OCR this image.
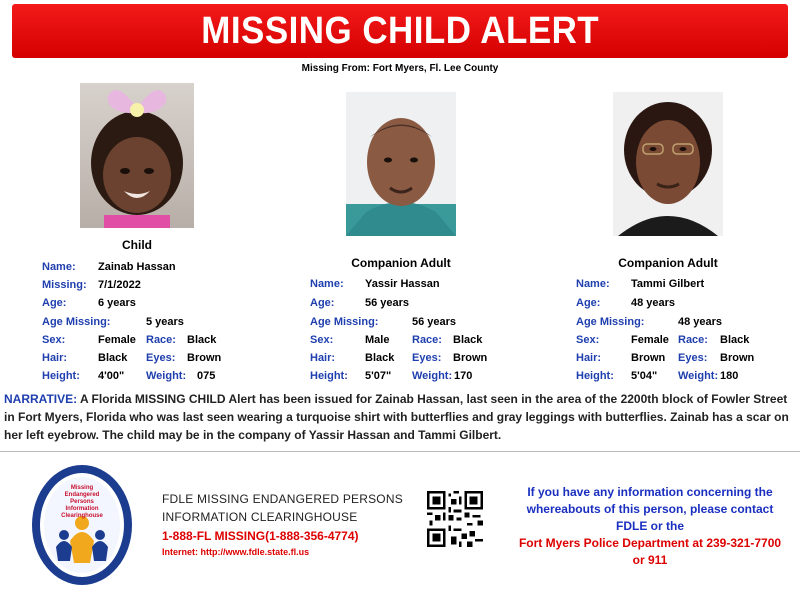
MISSING CHILD ALERT
Missing From: Fort Myers, Fl. Lee County
Child
Name: Zainab Hassan
Missing: 7/1/2022
Age:	6 years
Age Missing:	5 years
Sex:	Female Race: Black
Hair:	Black Eyes: Brown
Height: 4'00" Weight: 075
Companion Adult
Name: Yassir Hassan
Age:	56 years
Age Missing:	56 years
Sex:	Male Race: Black
Hair:	Black Eyes: Brown
Height: 5'07" Weight: 170
Companion Adult
Name: Tammi Gilbert
Age:	48 years
Age Missing:	48 years
Sex:	Female Race: Black
Hair:	Brown Eyes: Brown
Height: 5'04" Weight: 180
NARRATIVE: A Florida MISSING CHILD Alert has been issued for Zainab Hassan, last seen in the area of the 2200th block of Fowler Street in Fort Myers, Florida who was last seen wearing a turquoise shirt with butterflies and gray leggings with butterflies. Zainab has a scar on her left eyebrow. The child may be in the company of Yassir Hassan and Tammi Gilbert.
Missing
Endangered
Persons
Information
Clearinghouse
FDLE MISSING ENDANGERED PERSONS
INFORMATION CLEARINGHOUSE
1-888-FL MISSING(1-888-356-4774)
Internet: http://www.fdle.state.fl.us
If you have any information concerning the
whereabouts of this person, please contact
FDLE or the
Fort Myers Police Department at 239-321-7700
or 911
